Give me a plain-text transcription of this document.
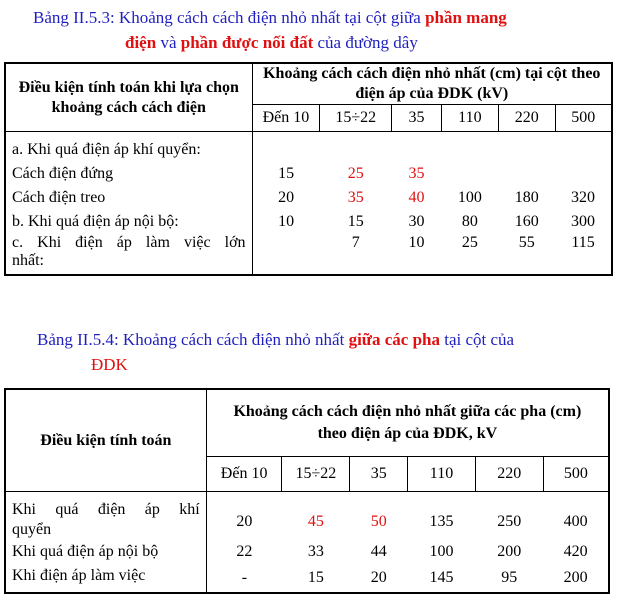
Bảng II.5.3: Khoảng cách cách điện nhỏ nhất tại cột giữa phần mang
điện và phần được nối đất của đường dây
Điều kiện tính toán khi lựa chọn khoảng cách cách điện	Khoảng cách cách điện nhỏ nhất (cm) tại cột theo điện áp của ĐDK (kV)					
	Đến 10	15÷22	35	110	220	500
a. Khi quá điện áp khí quyển:						
Cách điện đứng	15	25	35			
Cách điện treo	20	35	40	100	180	320
b. Khi quá điện áp nội bộ:	10	15	30	80	160	300

c. Khi điện áp làm việc lớn
nhất:		7	10	25	55	115
Bảng II.5.4: Khoảng cách cách điện nhỏ nhất giữa các pha tại cột của
ĐDK
Điều kiện tính toán	Khoảng cách cách điện nhỏ nhất giữa các pha (cm) theo điện áp của ĐDK, kV					
	Đến 10	15÷22	35	110	220	500

Khi quá điện áp khí
quyển	20	45	50	135	250	400
Khi quá điện áp nội bộ	22	33	44	100	200	420
Khi điện áp làm việc	-	15	20	145	95	200
